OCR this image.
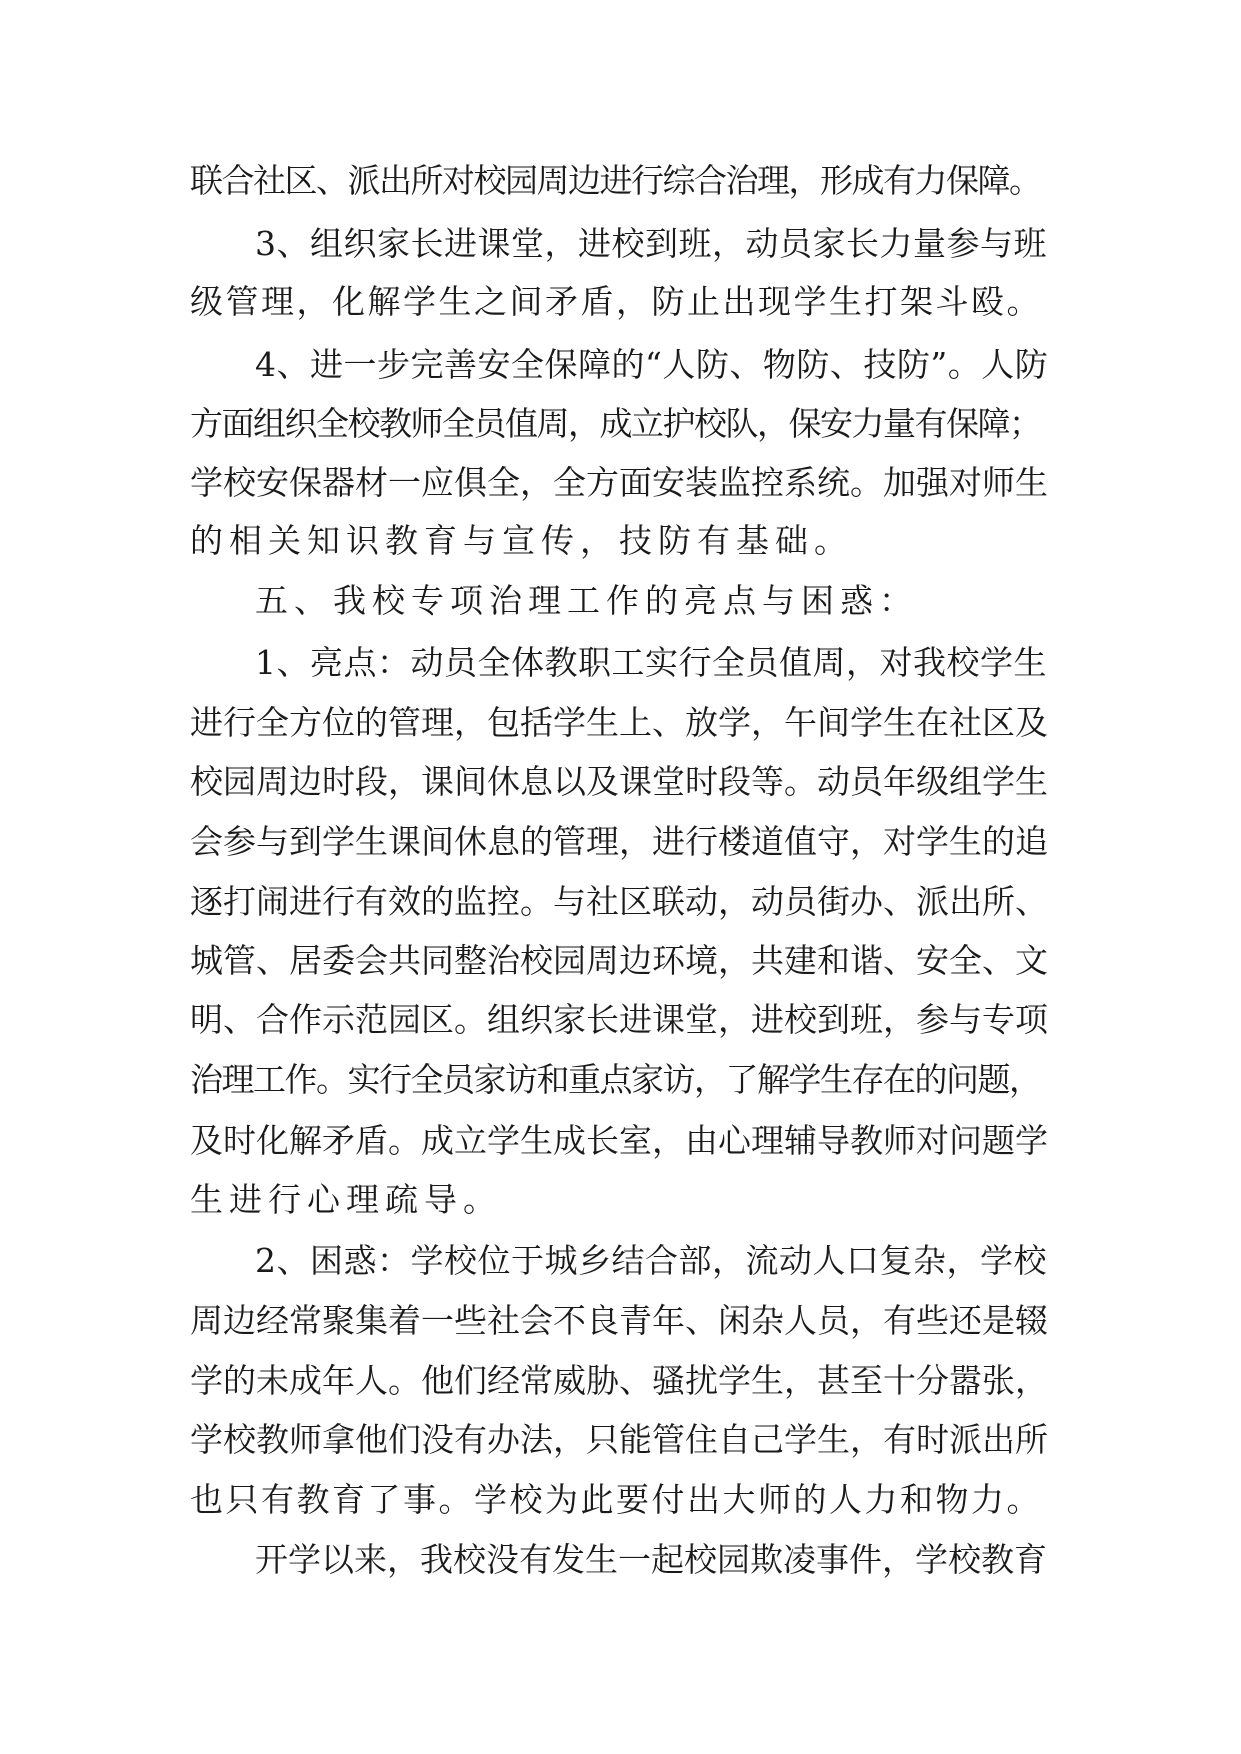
联合社区、派出所对校园周边进行综合治理，形成有力保障。
3、组织家长进课堂，进校到班，动员家长力量参与班
级管理，化解学生之间矛盾，防止出现学生打架斗殴。
4、进一步完善安全保障的“人防、物防、技防”。人防
方面组织全校教师全员值周，成立护校队，保安力量有保障；
学校安保器材一应俱全，全方面安装监控系统。加强对师生
的相关知识教育与宣传，技防有基础。
五、我校专项治理工作的亮点与困惑：
1、亮点：动员全体教职工实行全员值周，对我校学生
进行全方位的管理，包括学生上、放学，午间学生在社区及
校园周边时段，课间休息以及课堂时段等。动员年级组学生
会参与到学生课间休息的管理，进行楼道值守，对学生的追
逐打闹进行有效的监控。与社区联动，动员街办、派出所、
城管、居委会共同整治校园周边环境，共建和谐、安全、文
明、合作示范园区。组织家长进课堂，进校到班，参与专项
治理工作。实行全员家访和重点家访，了解学生存在的问题，
及时化解矛盾。成立学生成长室，由心理辅导教师对问题学
生进行心理疏导。
2、困惑：学校位于城乡结合部，流动人口复杂，学校
周边经常聚集着一些社会不良青年、闲杂人员，有些还是辍
学的未成年人。他们经常威胁、骚扰学生，甚至十分嚣张，
学校教师拿他们没有办法，只能管住自己学生，有时派出所
也只有教育了事。学校为此要付出大师的人力和物力。
开学以来，我校没有发生一起校园欺凌事件，学校教育
